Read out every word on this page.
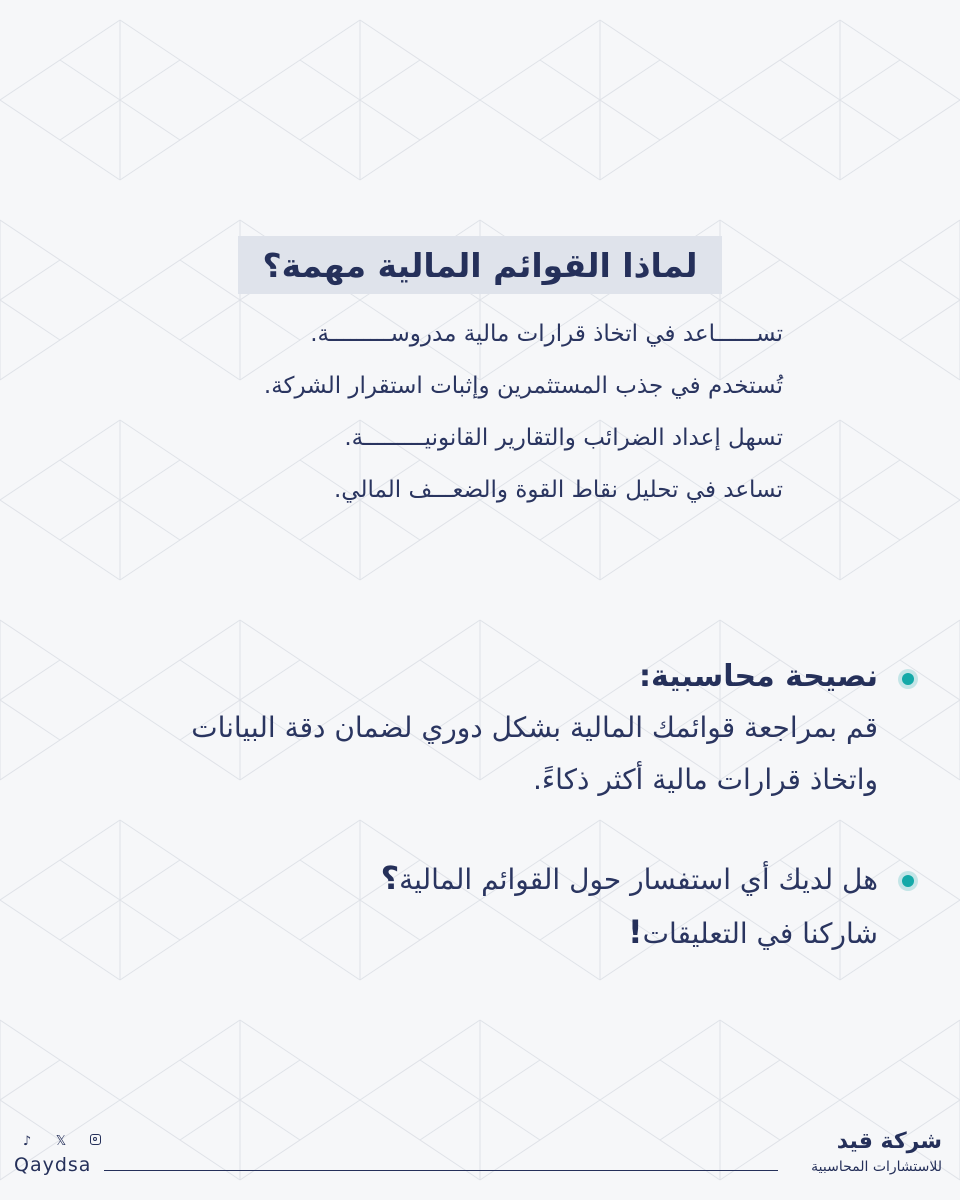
لماذا القوائم المالية مهمة؟
تســــــاعد في اتخاذ قرارات مالية مدروســـــــــة.
تُستخدم في جذب المستثمرين وإثبات استقرار الشركة.
تسهل إعداد الضرائب والتقارير القانونيـــــــــة.
تساعد في تحليل نقاط القوة والضعـــف المالي.
نصيحة محاسبية:
قم بمراجعة قوائمك المالية بشكل دوري لضمان دقة البيانات
واتخاذ قرارات مالية أكثر ذكاءً.
هل لديك أي استفسار حول القوائم المالية؟
شاركنا في التعليقات!
♪ 𝕏
Qaydsa
شركة قيد
للاستشارات المحاسبية
